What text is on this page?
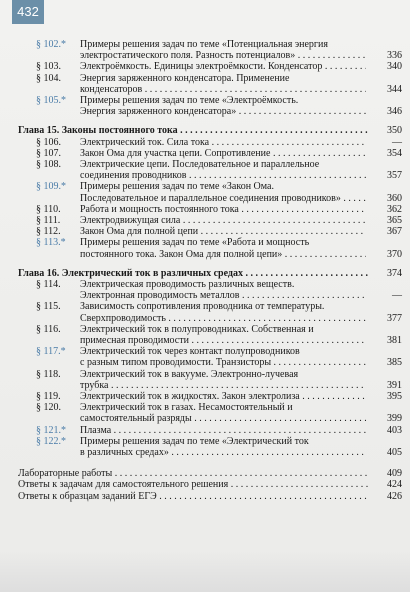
432
§ 102.*	Примеры решения задач по теме «Потенциальная энергия
электростатического поля. Разность потенциалов» . . .	336
§ 103.	Электроёмкость. Единицы электроёмкости. Конденсатор . . .	340
§ 104.	Энергия заряженного конденсатора. Применение
конденсаторов . . .	344
§ 105.*	Примеры решения задач по теме «Электроёмкость.
Энергия заряженного конденсатора» . . .	346
Глава 15. Законы постоянного тока . . .	350
§ 106.	Электрический ток. Сила тока . . .	—
§ 107.	Закон Ома для участка цепи. Сопротивление . . .	354
§ 108.	Электрические цепи. Последовательное и параллельное
соединения проводников . . .	357
§ 109.*	Примеры решения задач по теме «Закон Ома.
Последовательное и параллельное соединения проводников» . . .	360
§ 110.	Работа и мощность постоянного тока . . .	362
§ 111.	Электродвижущая сила . . .	365
§ 112.	Закон Ома для полной цепи . . .	367
§ 113.*	Примеры решения задач по теме «Работа и мощность
постоянного тока. Закон Ома для полной цепи» . . .	370
Глава 16. Электрический ток в различных средах . . .	374
§ 114.	Электрическая проводимость различных веществ.
Электронная проводимость металлов . . .	—
§ 115.	Зависимость сопротивления проводника от температуры.
Сверхпроводимость . . .	377
§ 116.	Электрический ток в полупроводниках. Собственная и
примесная проводимости . . .	381
§ 117.*	Электрический ток через контакт полупроводников
с разным типом проводимости. Транзисторы . . .	385
§ 118.	Электрический ток в вакууме. Электронно-лучевая
трубка . . .	391
§ 119.	Электрический ток в жидкостях. Закон электролиза . . .	395
§ 120.	Электрический ток в газах. Несамостоятельный и
самостоятельный разряды . . .	399
§ 121.*	Плазма . . .	403
§ 122.*	Примеры решения задач по теме «Электрический ток
в различных средах» . . .	405
Лабораторные работы . . .	409
Ответы к задачам для самостоятельного решения . . .	424
Ответы к образцам заданий ЕГЭ . . .	426
